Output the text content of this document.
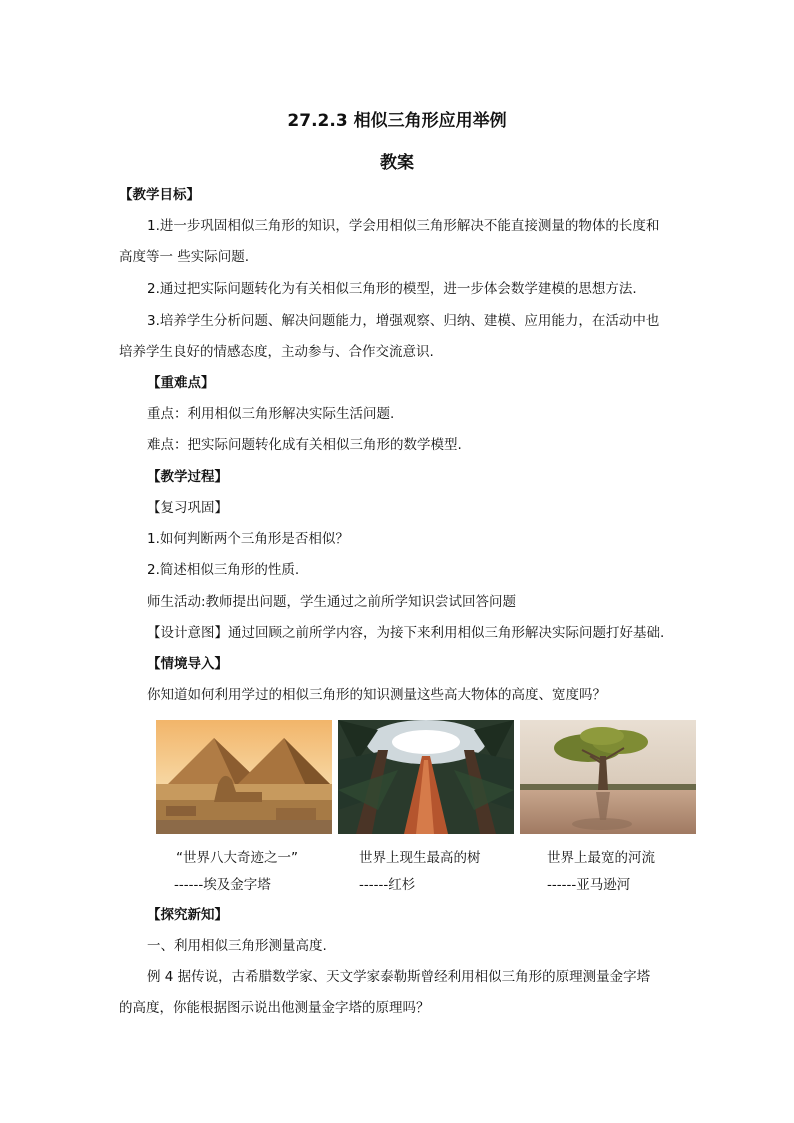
27.2.3 相似三角形应用举例
教案
【教学目标】
1.进一步巩固相似三角形的知识，学会用相似三角形解决不能直接测量的物体的长度和
高度等一 些实际问题.
2.通过把实际问题转化为有关相似三角形的模型，进一步体会数学建模的思想方法.
3.培养学生分析问题、解决问题能力，增强观察、归纳、建模、应用能力，在活动中也
培养学生良好的情感态度，主动参与、合作交流意识.
【重难点】
重点：利用相似三角形解决实际生活问题.
难点：把实际问题转化成有关相似三角形的数学模型.
【教学过程】
【复习巩固】
1.如何判断两个三角形是否相似？
2.简述相似三角形的性质.
师生活动:教师提出问题，学生通过之前所学知识尝试回答问题
【设计意图】通过回顾之前所学内容，为接下来利用相似三角形解决实际问题打好基础.
【情境导入】
你知道如何利用学过的相似三角形的知识测量这些高大物体的高度、宽度吗？
“世界八大奇迹之一”
------埃及金字塔
世界上现生最高的树
------红杉
世界上最宽的河流
------亚马逊河
【探究新知】
一、利用相似三角形测量高度.
例 4 据传说，古希腊数学家、天文学家泰勒斯曾经利用相似三角形的原理测量金字塔
的高度，你能根据图示说出他测量金字塔的原理吗？
